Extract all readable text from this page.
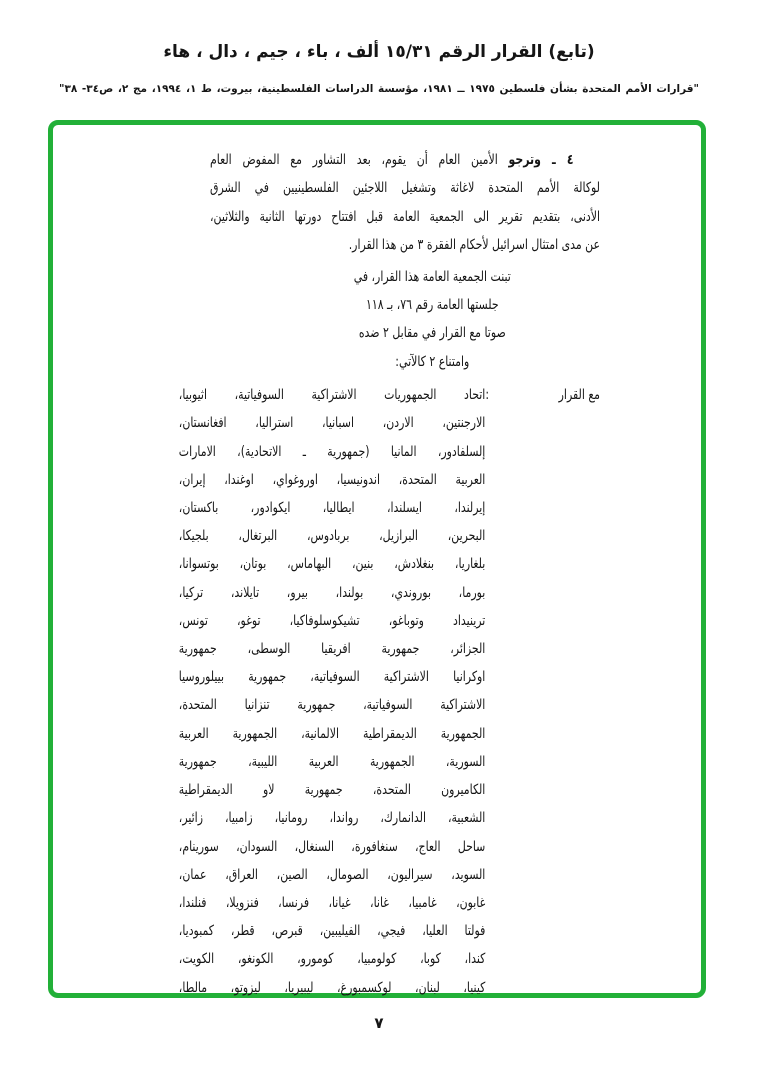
(تابع) القرار الرقم ١٥/٣١ ألف ، باء ، جيم ، دال ، هاء
"قرارات الأمم المتحدة بشأن فلسطين ١٩٧٥ ــ ١٩٨١، مؤسسة الدراسات الفلسطينية، بيروت، ط ١، ١٩٩٤، مج ٢، ص٣٤- ٣٨"
٤ ـ وترجو الأمين العام أن يقوم، بعد التشاور مع المفوض العام
لوكالة الأمم المتحدة لاغاثة وتشغيل اللاجئين الفلسطينيين في الشرق
الأدنى، بتقديم تقرير الى الجمعية العامة قبل افتتاح دورتها الثانية والثلاثين،
عن مدى امتثال اسرائيل لأحكام الفقرة ٣ من هذا القرار.
تبنت الجمعية العامة هذا القرار، في
جلستها العامة رقم ٧٦، بـ ١١٨
صوتا مع القرار في مقابل ٢ ضده
وامتناع ٢ كالآتي:
مع القرار
:
اتحاد الجمهوريات الاشتراكية السوفياتية، اثيوبيا،
الارجنتين، الاردن، اسبانيا، استراليا، افغانستان،
إلسلفادور، المانيا (جمهورية ـ الاتحادية)، الامارات
العربية المتحدة، اندونيسيا، اوروغواي، اوغندا، إيران،
إيرلندا، ايسلندا، ايطاليا، ايكوادور، باكستان،
البحرين، البرازيل، بربادوس، البرتغال، بلجيكا،
بلغاريا، بنغلادش، بنين، البهاماس، بوتان، بوتسوانا،
بورما، بوروندي، بولندا، بيرو، تايلاند، تركيا،
ترينيداد وتوباغو، تشيكوسلوفاكيا، توغو، تونس،
الجزائر، جمهورية افريقيا الوسطى، جمهورية
اوكرانيا الاشتراكية السوفياتية، جمهورية بييلوروسيا
الاشتراكية السوفياتية، جمهورية تنزانيا المتحدة،
الجمهورية الديمقراطية الالمانية، الجمهورية العربية
السورية، الجمهورية العربية الليبية، جمهورية
الكاميرون المتحدة، جمهورية لاو الديمقراطية
الشعبية، الدانمارك، رواندا، رومانيا، زامبيا، زائير،
ساحل العاج، سنغافورة، السنغال، السودان، سورينام،
السويد، سيراليون، الصومال، الصين، العراق، عمان،
غابون، غامبيا، غانا، غيانا، فرنسا، فنزويلا، فنلندا،
فولتا العليا، فيجي، الفيليبين، قبرص، قطر، كمبوديا،
كندا، كوبا، كولومبيا، كومورو، الكونغو، الكويت،
كينيا، لبنان، لوكسمبورغ، ليبيريا، ليزوتو، مالطا،
٧
